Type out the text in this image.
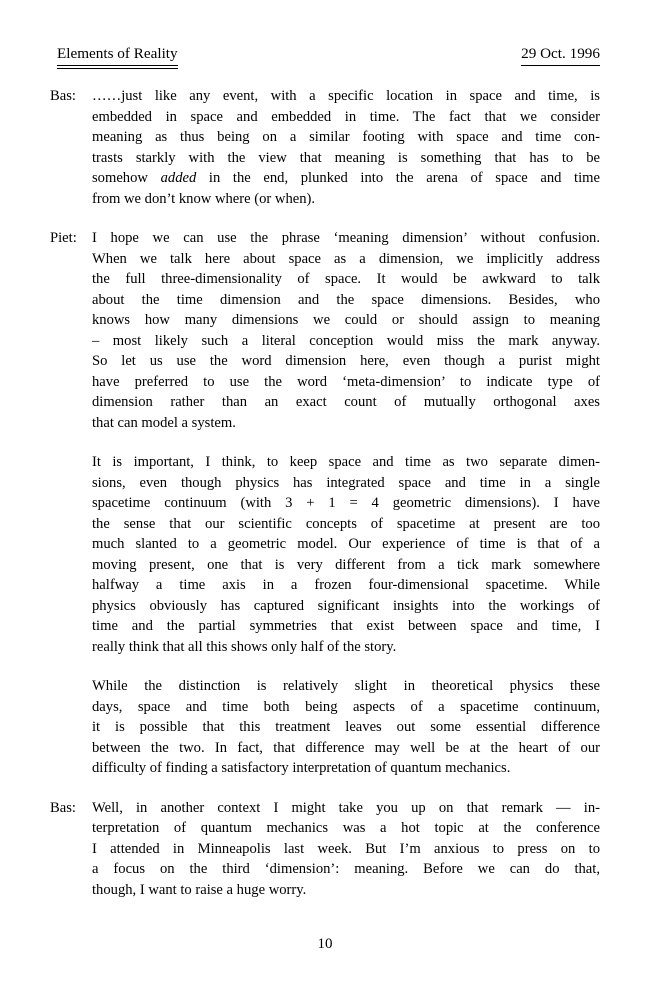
Elements of Reality	29 Oct. 1996
Bas:	……just like any event, with a specific location in space and time, is
embedded in space and embedded in time. The fact that we consider
meaning as thus being on a similar footing with space and time con-
trasts starkly with the view that meaning is something that has to be
somehow added in the end, plunked into the arena of space and time
from we don’t know where (or when).
Piet:	I hope we can use the phrase ‘meaning dimension’ without confusion.
When we talk here about space as a dimension, we implicitly address
the full three-dimensionality of space. It would be awkward to talk
about the time dimension and the space dimensions. Besides, who
knows how many dimensions we could or should assign to meaning
– most likely such a literal conception would miss the mark anyway.
So let us use the word dimension here, even though a purist might
have preferred to use the word ‘meta-dimension’ to indicate type of
dimension rather than an exact count of mutually orthogonal axes
that can model a system.
It is important, I think, to keep space and time as two separate dimen-
sions, even though physics has integrated space and time in a single
spacetime continuum (with 3 + 1 = 4 geometric dimensions). I have
the sense that our scientific concepts of spacetime at present are too
much slanted to a geometric model. Our experience of time is that of a
moving present, one that is very different from a tick mark somewhere
halfway a time axis in a frozen four-dimensional spacetime. While
physics obviously has captured significant insights into the workings of
time and the partial symmetries that exist between space and time, I
really think that all this shows only half of the story.
While the distinction is relatively slight in theoretical physics these
days, space and time both being aspects of a spacetime continuum,
it is possible that this treatment leaves out some essential difference
between the two. In fact, that difference may well be at the heart of our
difficulty of finding a satisfactory interpretation of quantum mechanics.
Bas:	Well, in another context I might take you up on that remark — in-
terpretation of quantum mechanics was a hot topic at the conference
I attended in Minneapolis last week. But I’m anxious to press on to
a focus on the third ‘dimension’: meaning. Before we can do that,
though, I want to raise a huge worry.
10
